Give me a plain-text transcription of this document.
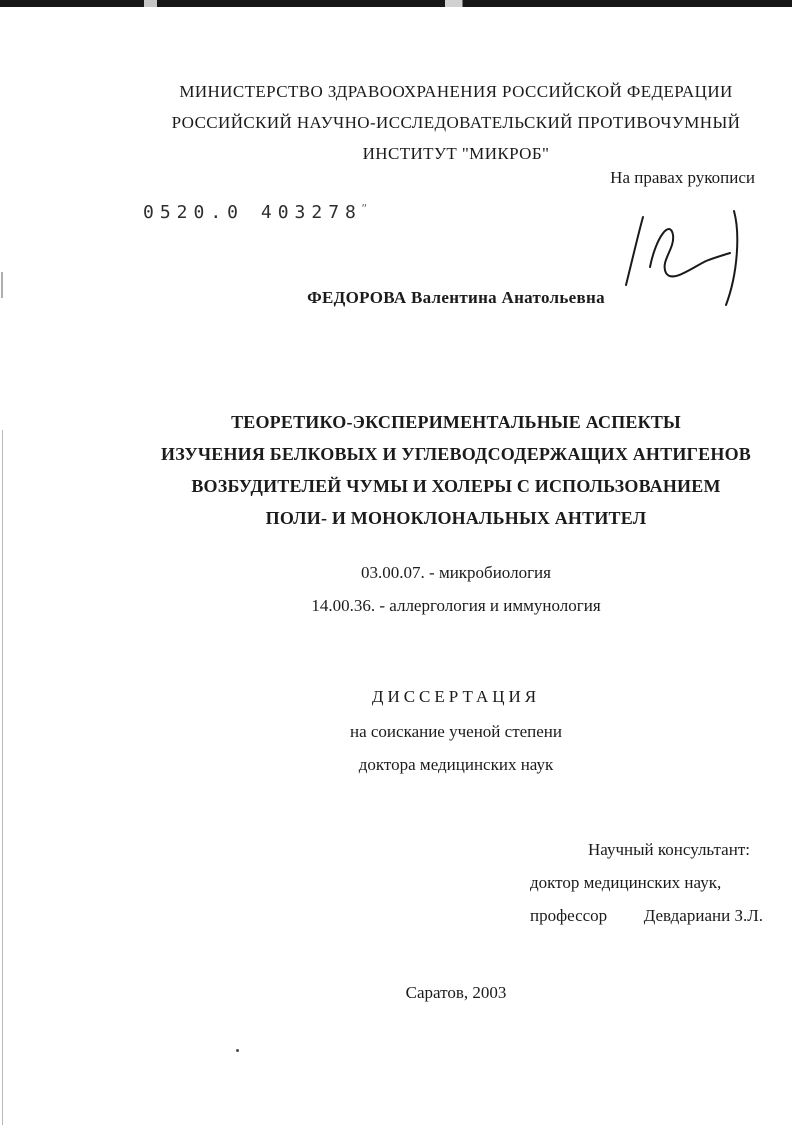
МИНИСТЕРСТВО ЗДРАВООХРАНЕНИЯ РОССИЙСКОЙ ФЕДЕРАЦИИ
РОССИЙСКИЙ НАУЧНО-ИССЛЕДОВАТЕЛЬСКИЙ ПРОТИВОЧУМНЫЙ
ИНСТИТУТ "МИКРОБ"
На правах рукописи
0520.0 $403278^ʺ$
ФЕДОРОВА Валентина Анатольевна
ТЕОРЕТИКО-ЭКСПЕРИМЕНТАЛЬНЫЕ АСПЕКТЫ
ИЗУЧЕНИЯ БЕЛКОВЫХ И УГЛЕВОДСОДЕРЖАЩИХ АНТИГЕНОВ
ВОЗБУДИТЕЛЕЙ ЧУМЫ И ХОЛЕРЫ С ИСПОЛЬЗОВАНИЕМ
ПОЛИ- И МОНОКЛОНАЛЬНЫХ АНТИТЕЛ
03.00.07. - микробиология
14.00.36. - аллергология и иммунология
ДИССЕРТАЦИЯ
на соискание ученой степени
доктора медицинских наук
Научный консультант:
доктор медицинских наук,
профессор Девдариани З.Л.
Саратов, 2003
